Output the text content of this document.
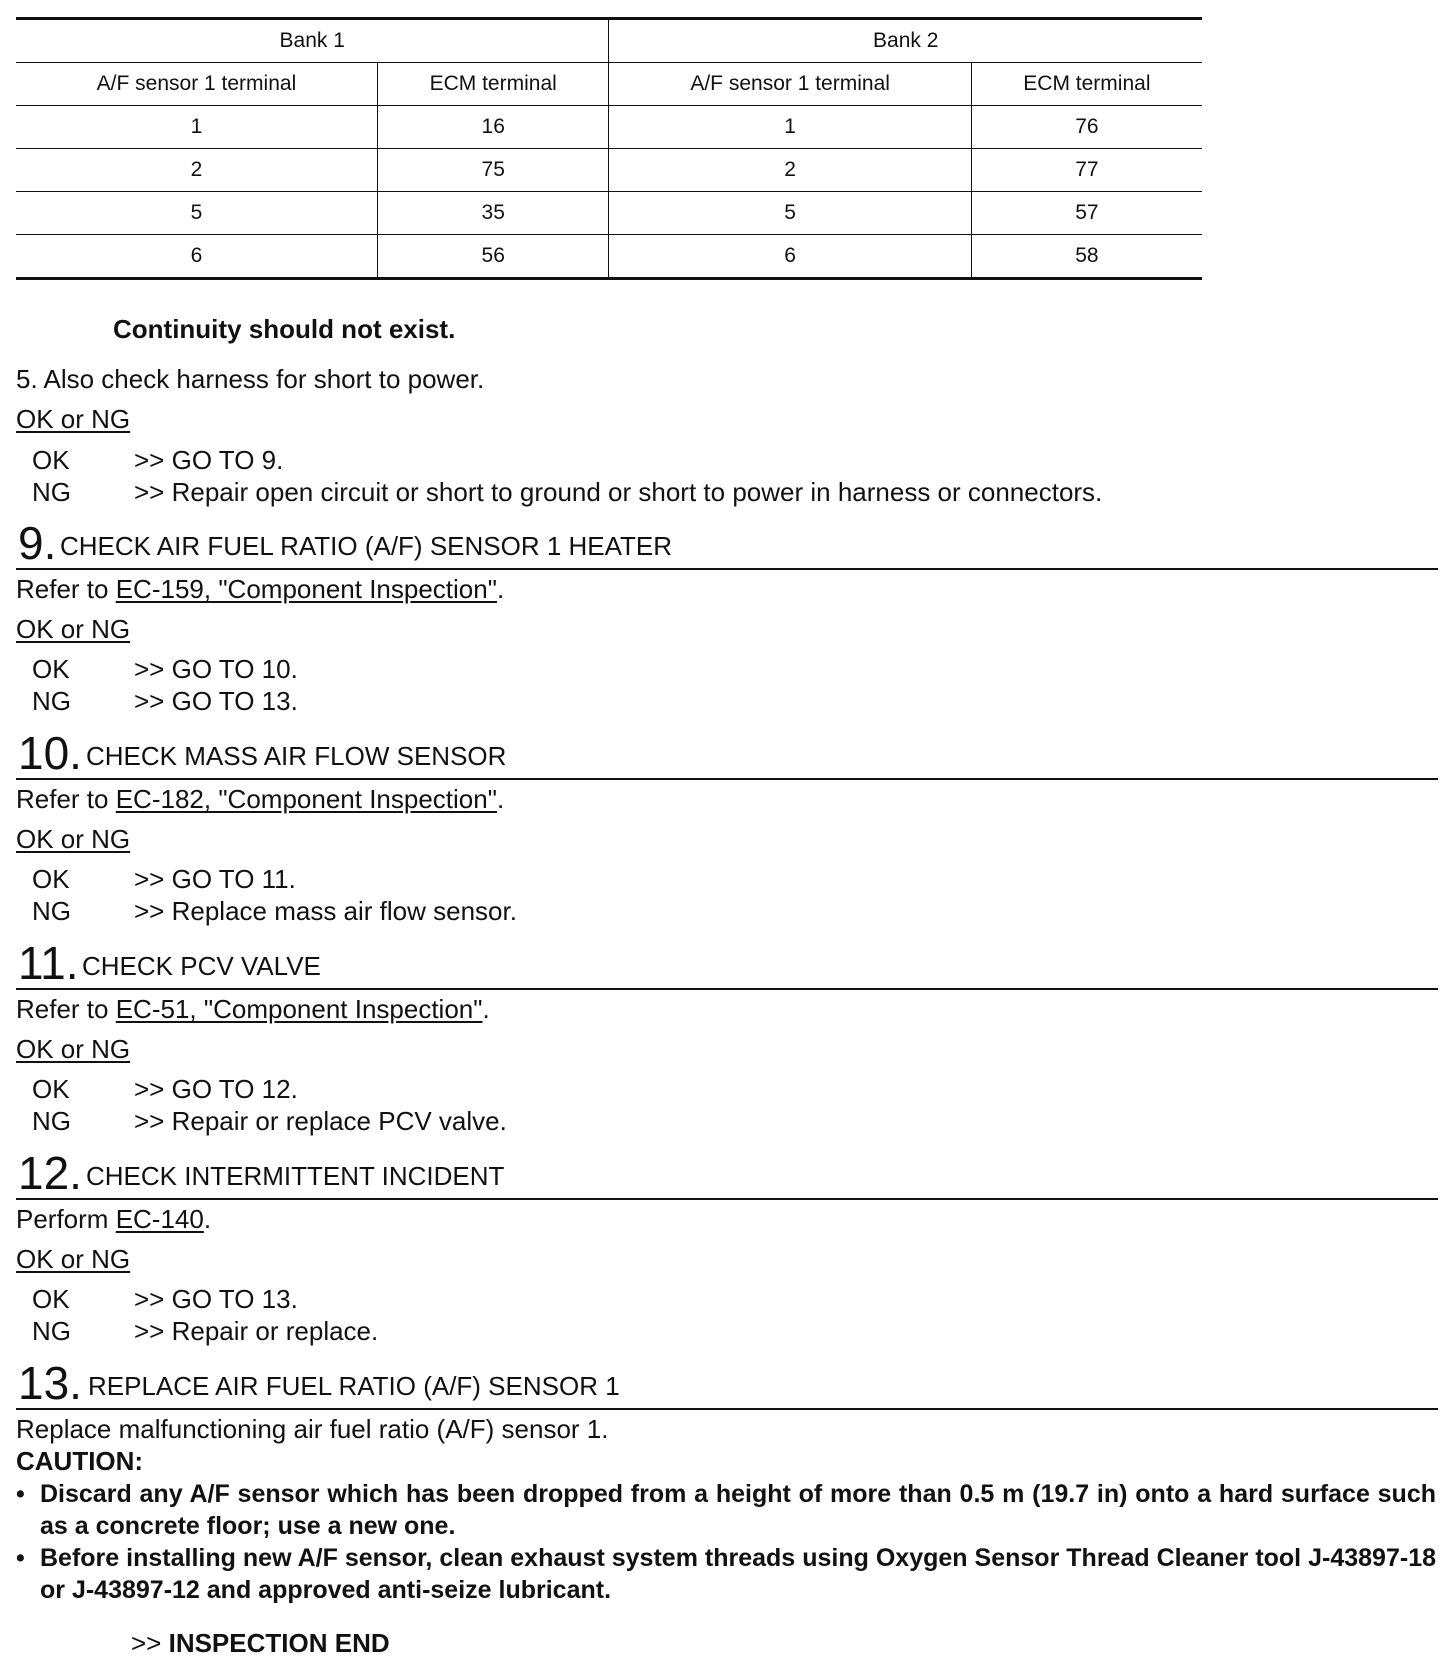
Bank 1		Bank 2	
A/F sensor 1 terminal	ECM terminal	A/F sensor 1 terminal	ECM terminal
1	16	1	76
2	75	2	77
5	35	5	57
6	56	6	58
Continuity should not exist.
5. Also check harness for short to power.
OK or NG
OK >> GO TO 9.
NG >> Repair open circuit or short to ground or short to power in harness or connectors.
9. CHECK AIR FUEL RATIO (A/F) SENSOR 1 HEATER
Refer to EC-159, "Component Inspection".
OK or NG
OK >> GO TO 10.
NG >> GO TO 13.
10. CHECK MASS AIR FLOW SENSOR
Refer to EC-182, "Component Inspection".
OK or NG
OK >> GO TO 11.
NG >> Replace mass air flow sensor.
11. CHECK PCV VALVE
Refer to EC-51, "Component Inspection".
OK or NG
OK >> GO TO 12.
NG >> Repair or replace PCV valve.
12. CHECK INTERMITTENT INCIDENT
Perform EC-140.
OK or NG
OK >> GO TO 13.
NG >> Repair or replace.
13. REPLACE AIR FUEL RATIO (A/F) SENSOR 1
Replace malfunctioning air fuel ratio (A/F) sensor 1.
CAUTION:
• Discard any A/F sensor which has been dropped from a height of more than 0.5 m (19.7 in) onto a hard surface such as a concrete floor; use a new one.
• Before installing new A/F sensor, clean exhaust system threads using Oxygen Sensor Thread Cleaner tool J-43897-18 or J-43897-12 and approved anti-seize lubricant.
>> INSPECTION END
